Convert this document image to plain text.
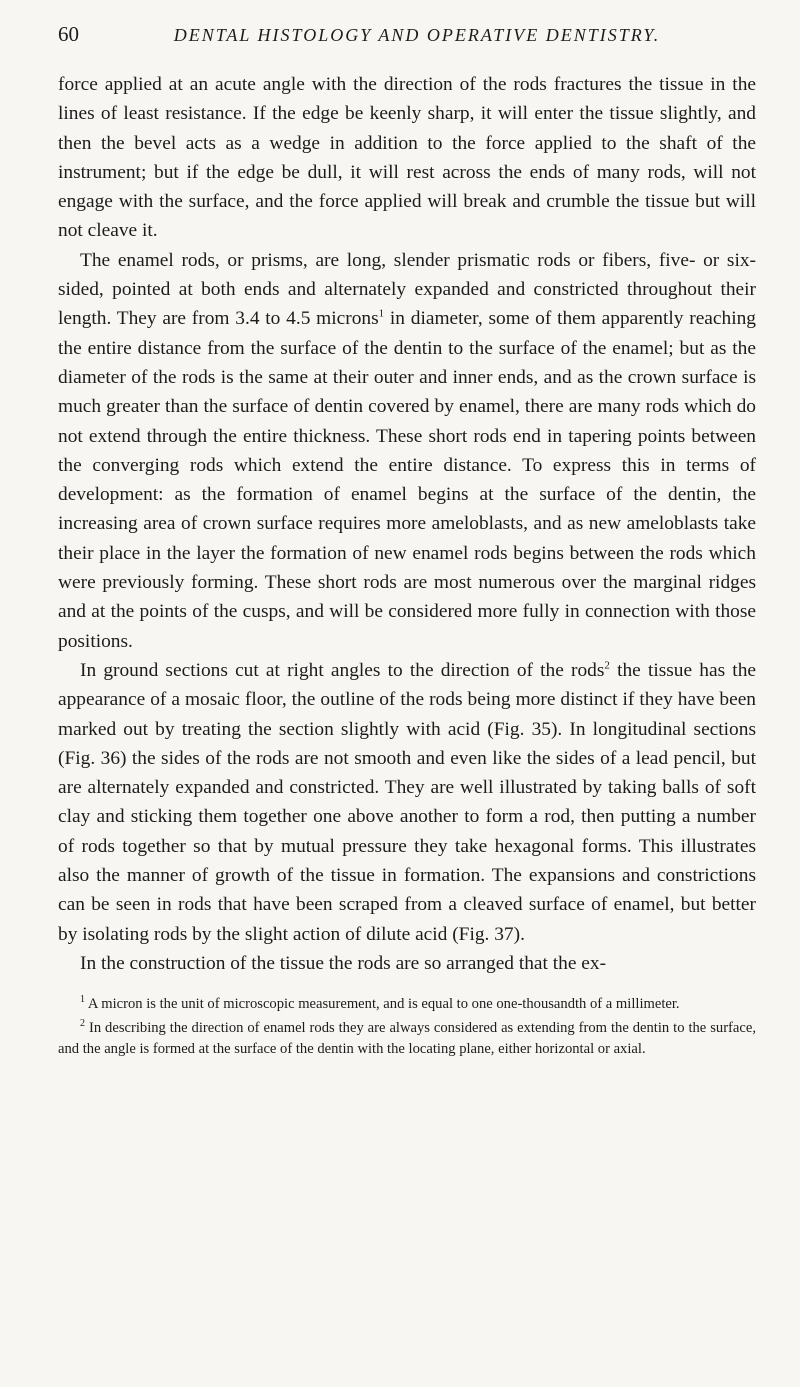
60	DENTAL HISTOLOGY AND OPERATIVE DENTISTRY.

force applied at an acute angle with the direction of the rods fractures the tissue in the lines of least resistance. If the edge be keenly sharp, it will enter the tissue slightly, and then the bevel acts as a wedge in addition to the force applied to the shaft of the instrument; but if the edge be dull, it will rest across the ends of many rods, will not engage with the surface, and the force applied will break and crumble the tissue but will not cleave it.

The enamel rods, or prisms, are long, slender prismatic rods or fibers, five- or six-sided, pointed at both ends and alternately expanded and constricted throughout their length. They are from 3.4 to 4.5 microns$^1$ in diameter, some of them apparently reaching the entire distance from the surface of the dentin to the surface of the enamel; but as the diameter of the rods is the same at their outer and inner ends, and as the crown surface is much greater than the surface of dentin covered by enamel, there are many rods which do not extend through the entire thickness. These short rods end in tapering points between the converging rods which extend the entire distance. To express this in terms of development: as the formation of enamel begins at the surface of the dentin, the increasing area of crown surface requires more ameloblasts, and as new ameloblasts take their place in the layer the formation of new enamel rods begins between the rods which were previously forming. These short rods are most numerous over the marginal ridges and at the points of the cusps, and will be considered more fully in connection with those positions.

In ground sections cut at right angles to the direction of the rods$^2$ the tissue has the appearance of a mosaic floor, the outline of the rods being more distinct if they have been marked out by treating the section slightly with acid (Fig. 35). In longitudinal sections (Fig. 36) the sides of the rods are not smooth and even like the sides of a lead pencil, but are alternately expanded and constricted. They are well illustrated by taking balls of soft clay and sticking them together one above another to form a rod, then putting a number of rods together so that by mutual pressure they take hexagonal forms. This illustrates also the manner of growth of the tissue in formation. The expansions and constrictions can be seen in rods that have been scraped from a cleaved surface of enamel, but better by isolating rods by the slight action of dilute acid (Fig. 37).

In the construction of the tissue the rods are so arranged that the ex-

$^1$ A micron is the unit of microscopic measurement, and is equal to one one-thousandth of a millimeter.

$^2$ In describing the direction of enamel rods they are always considered as extending from the dentin to the surface, and the angle is formed at the surface of the dentin with the locating plane, either horizontal or axial.
